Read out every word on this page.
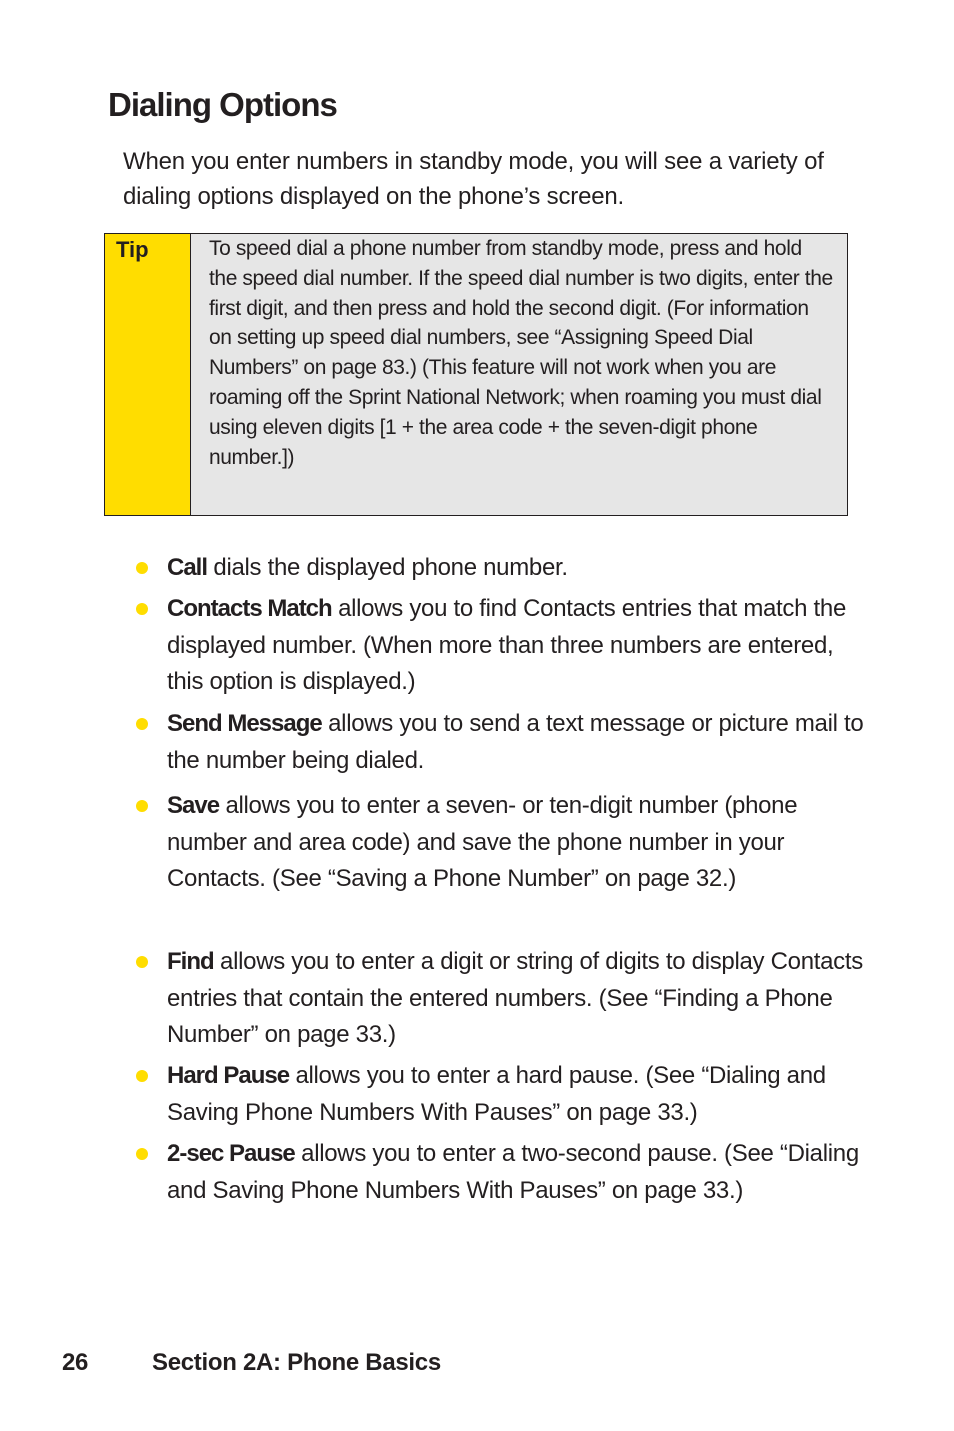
Dialing Options

When you enter numbers in standby mode, you will see a variety of dialing options displayed on the phone’s screen.

Tip	To speed dial a phone number from standby mode, press and hold the speed dial number. If the speed dial number is two digits, enter the first digit, and then press and hold the second digit. (For information on setting up speed dial numbers, see “Assigning Speed Dial Numbers” on page 83.) (This feature will not work when you are roaming off the Sprint National Network; when roaming you must dial using eleven digits [1 + the area code + the seven-digit phone number.])

Call dials the displayed phone number.
Contacts Match allows you to find Contacts entries that match the displayed number. (When more than three numbers are entered, this option is displayed.)
Send Message allows you to send a text message or picture mail to the number being dialed.
Save allows you to enter a seven- or ten-digit number (phone number and area code) and save the phone number in your Contacts. (See “Saving a Phone Number” on page 32.)
Find allows you to enter a digit or string of digits to display Contacts entries that contain the entered numbers. (See “Finding a Phone Number” on page 33.)
Hard Pause allows you to enter a hard pause. (See “Dialing and Saving Phone Numbers With Pauses” on page 33.)
2-sec Pause allows you to enter a two-second pause. (See “Dialing and Saving Phone Numbers With Pauses” on page 33.)
26	Section 2A: Phone Basics
